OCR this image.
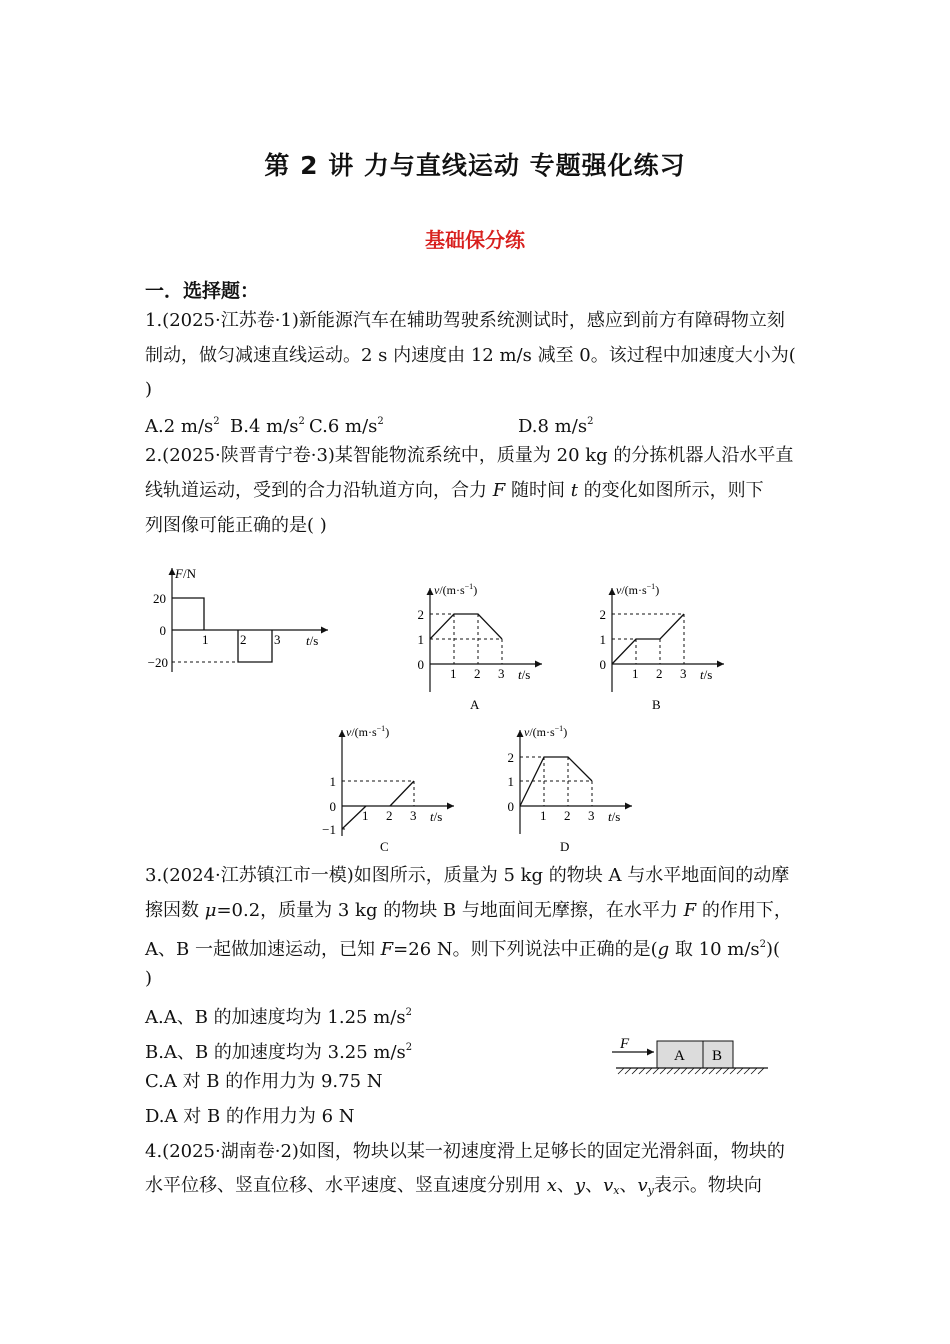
第 2 讲 力与直线运动 专题强化练习
基础保分练
一．选择题：
1.(2025·江苏卷·1)新能源汽车在辅助驾驶系统测试时，感应到前方有障碍物立刻
制动，做匀减速直线运动。2 s 内速度由 12 m/s 减至 0。该过程中加速度大小为(
)
A.2 $m/s^2$ B.4 $m/s^2$ C.6 $m/s^2$	D.8 $m/s^2$
2.(2025·陕晋青宁卷·3)某智能物流系统中，质量为 20 kg 的分拣机器人沿水平直
线轨道运动，受到的合力沿轨道方向，合力 F 随时间 t 的变化如图所示，则下
列图像可能正确的是( )
F/N
20
0
−20
1 2 3 t/s
$v/(m\cdot s^{-1})$
2
1
0
1 2 3 t/s
A
$v/(m\cdot s^{-1})$
2
1
0
1 2 3 t/s
B
$v/(m\cdot s^{-1})$
1
0
−1
1 2 3 t/s
C
$v/(m\cdot s^{-1})$
2
1
0
1 2 3 t/s
D
3.(2024·江苏镇江市一模)如图所示，质量为 5 kg 的物块 A 与水平地面间的动摩
擦因数 μ=0.2，质量为 3 kg 的物块 B 与地面间无摩擦，在水平力 F 的作用下，
A、B 一起做加速运动，已知 F=26 N。则下列说法中正确的是(g 取 10 $m/s^2$)(
)
A.A、B 的加速度均为 1.25 $m/s^2$
B.A、B 的加速度均为 3.25 $m/s^2$
C.A 对 B 的作用力为 9.75 N
D.A 对 B 的作用力为 6 N
F
A B
4.(2025·湖南卷·2)如图，物块以某一初速度滑上足够长的固定光滑斜面，物块的
水平位移、竖直位移、水平速度、竖直速度分别用 x、y、$v_x$、$v_y$表示。物块向
